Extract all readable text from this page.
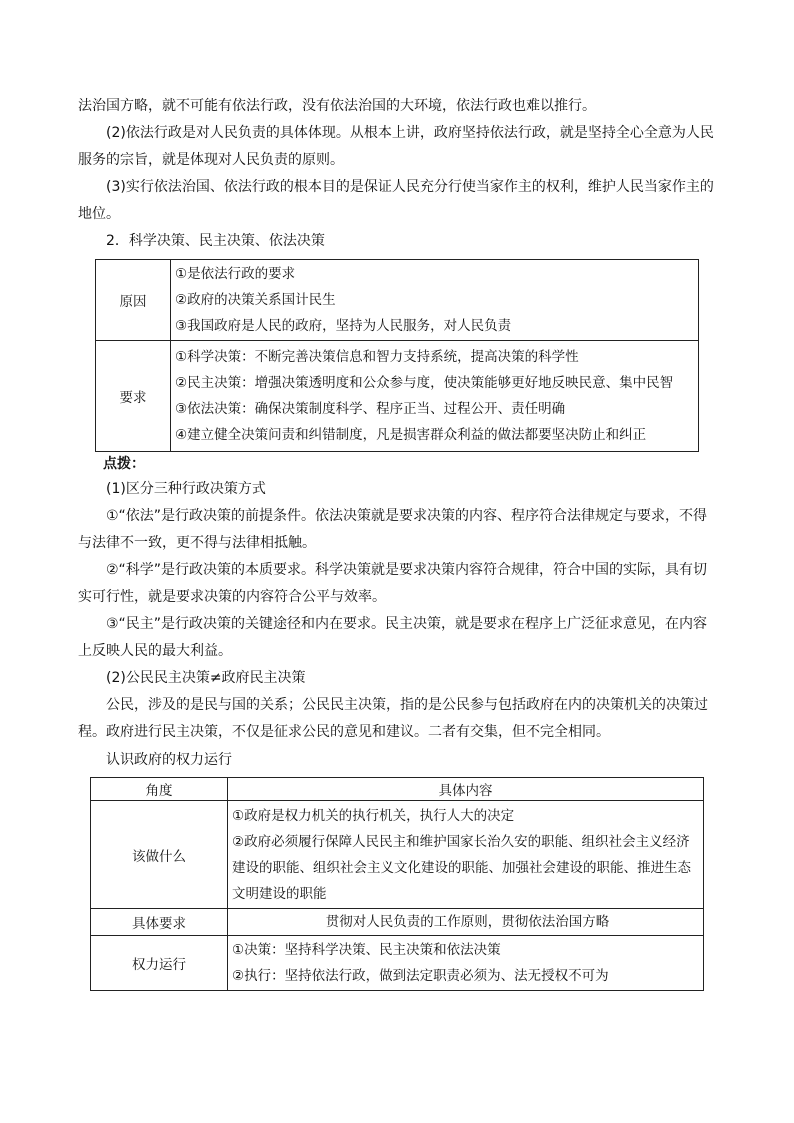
法治国方略，就不可能有依法行政，没有依法治国的大环境，依法行政也难以推行。

(2)依法行政是对人民负责的具体体现。从根本上讲，政府坚持依法行政，就是坚持全心全意为人民服务的宗旨，就是体现对人民负责的原则。

(3)实行依法治国、依法行政的根本目的是保证人民充分行使当家作主的权利，维护人民当家作主的地位。

2．科学决策、民主决策、依法决策

原因	①是依法行政的要求
②政府的决策关系国计民生
③我国政府是人民的政府，坚持为人民服务，对人民负责

要求	①科学决策：不断完善决策信息和智力支持系统，提高决策的科学性
②民主决策：增强决策透明度和公众参与度，使决策能够更好地反映民意、集中民智
③依法决策：确保决策制度科学、程序正当、过程公开、责任明确
④建立健全决策问责和纠错制度，凡是损害群众利益的做法都要坚决防止和纠正

点拨：

(1)区分三种行政决策方式

①“依法”是行政决策的前提条件。依法决策就是要求决策的内容、程序符合法律规定与要求，不得与法律不一致，更不得与法律相抵触。

②“科学”是行政决策的本质要求。科学决策就是要求决策内容符合规律，符合中国的实际，具有切实可行性，就是要求决策的内容符合公平与效率。

③“民主”是行政决策的关键途径和内在要求。民主决策，就是要求在程序上广泛征求意见，在内容上反映人民的最大利益。

(2)公民民主决策≠政府民主决策

公民，涉及的是民与国的关系；公民民主决策，指的是公民参与包括政府在内的决策机关的决策过程。政府进行民主决策，不仅是征求公民的意见和建议。二者有交集，但不完全相同。

认识政府的权力运行

角度	具体内容
该做什么	①政府是权力机关的执行机关，执行人大的决定
②政府必须履行保障人民民主和维护国家长治久安的职能、组织社会主义经济建设的职能、组织社会主义文化建设的职能、加强社会建设的职能、推进生态文明建设的职能

具体要求	贯彻对人民负责的工作原则，贯彻依法治国方略
权力运行	①决策：坚持科学决策、民主决策和依法决策
②执行：坚持依法行政，做到法定职责必须为、法无授权不可为
